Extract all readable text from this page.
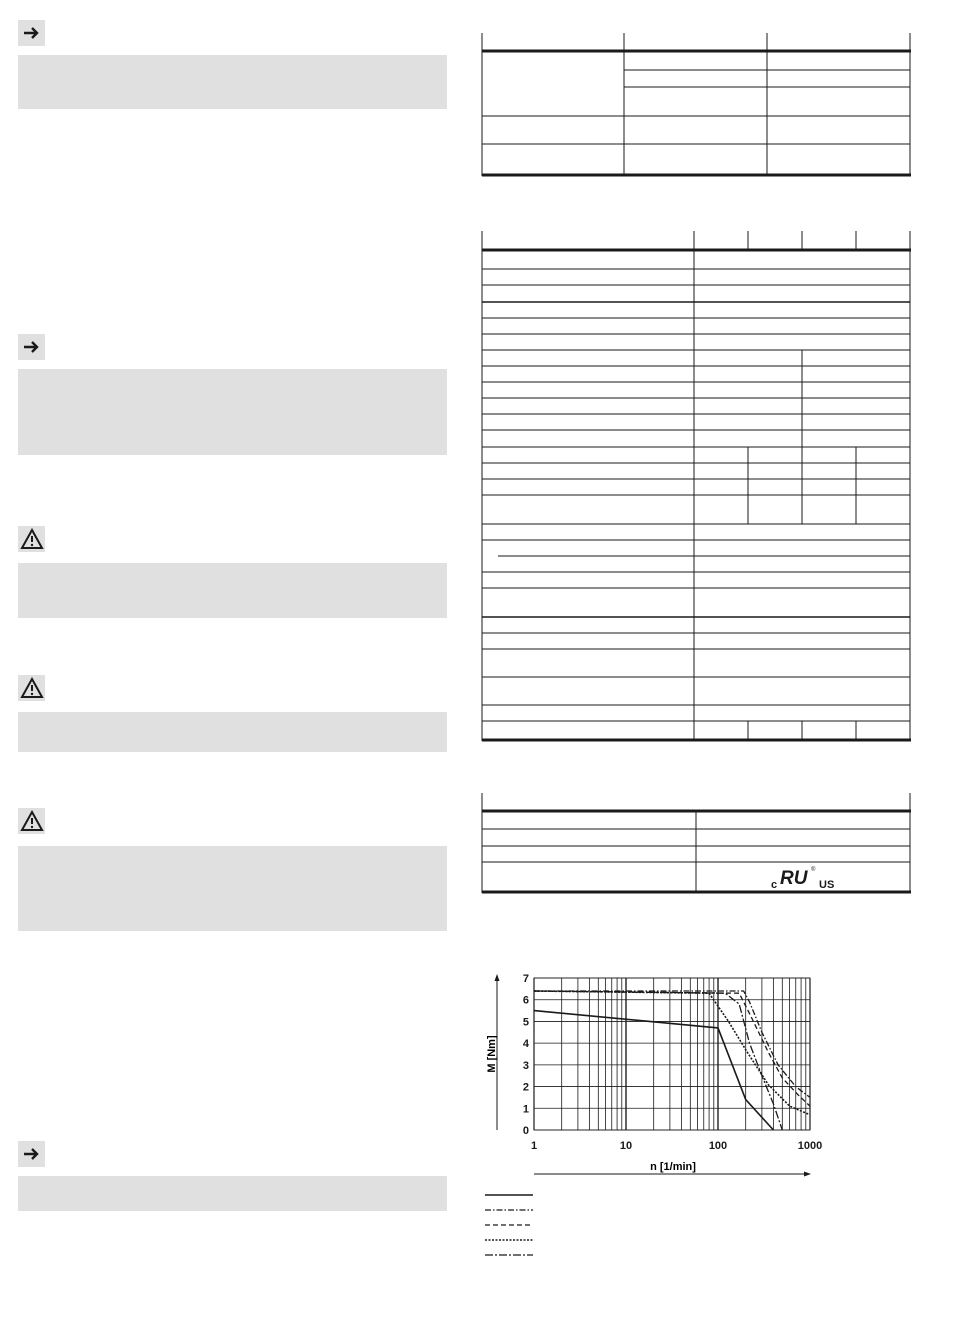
c RU US
®
0
1
2
3
4
5
6
7
1	10	100	1000
M [Nm]
n [1/min]
